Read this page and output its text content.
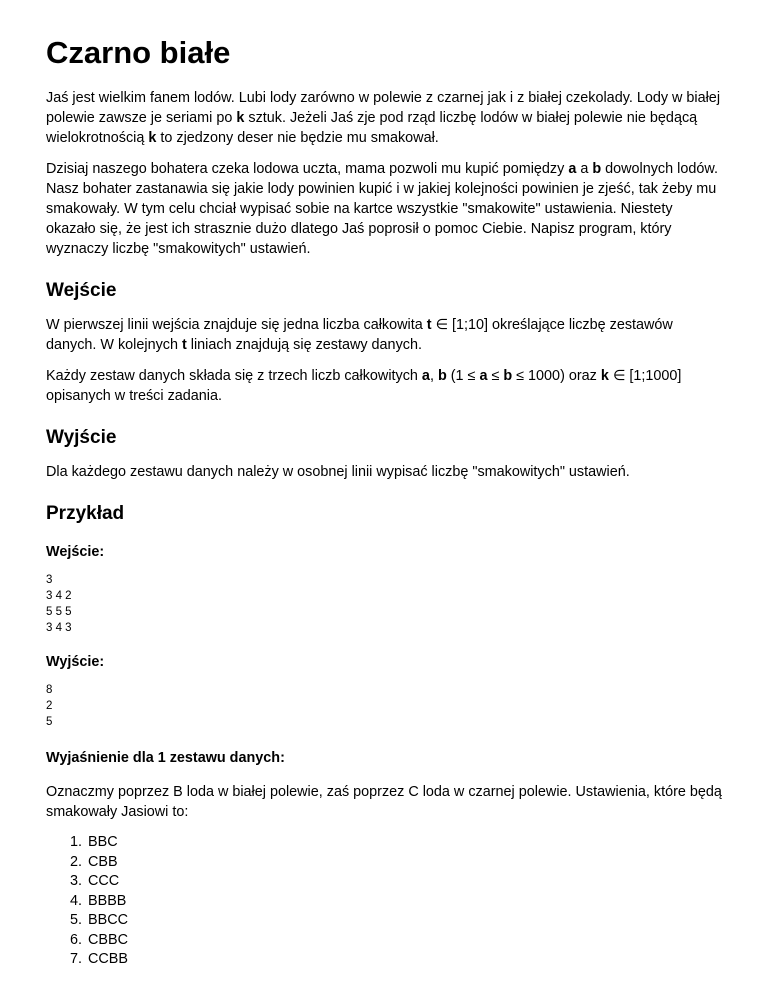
Czarno białe

Jaś jest wielkim fanem lodów. Lubi lody zarówno w polewie z czarnej jak i z białej czekolady. Lody w białej polewie zawsze je seriami po k sztuk. Jeżeli Jaś zje pod rząd liczbę lodów w białej polewie nie będącą wielokrotnością k to zjedzony deser nie będzie mu smakował.

Dzisiaj naszego bohatera czeka lodowa uczta, mama pozwoli mu kupić pomiędzy a a b dowolnych lodów. Nasz bohater zastanawia się jakie lody powinien kupić i w jakiej kolejności powinien je zjeść, tak żeby mu smakowały. W tym celu chciał wypisać sobie na kartce wszystkie "smakowite" ustawienia. Niestety okazało się, że jest ich strasznie dużo dlatego Jaś poprosił o pomoc Ciebie. Napisz program, który wyznaczy liczbę "smakowitych" ustawień.

Wejście

W pierwszej linii wejścia znajduje się jedna liczba całkowita t ∈ [1;10] określające liczbę zestawów danych. W kolejnych t liniach znajdują się zestawy danych.

Każdy zestaw danych składa się z trzech liczb całkowitych a, b (1 ≤ a ≤ b ≤ 1000) oraz k ∈ [1;1000] opisanych w treści zadania.

Wyjście

Dla każdego zestawu danych należy w osobnej linii wypisać liczbę "smakowitych" ustawień.

Przykład
Wejście:
3
3 4 2
5 5 5
3 4 3
Wyjście:
8
2
5
Wyjaśnienie dla 1 zestawu danych:

Oznaczmy poprzez B loda w białej polewie, zaś poprzez C loda w czarnej polewie. Ustawienia, które będą smakowały Jasiowi to:

1. BBC
2. CBB
3. CCC
4. BBBB
5. BBCC
6. CBBC
7. CCBB
